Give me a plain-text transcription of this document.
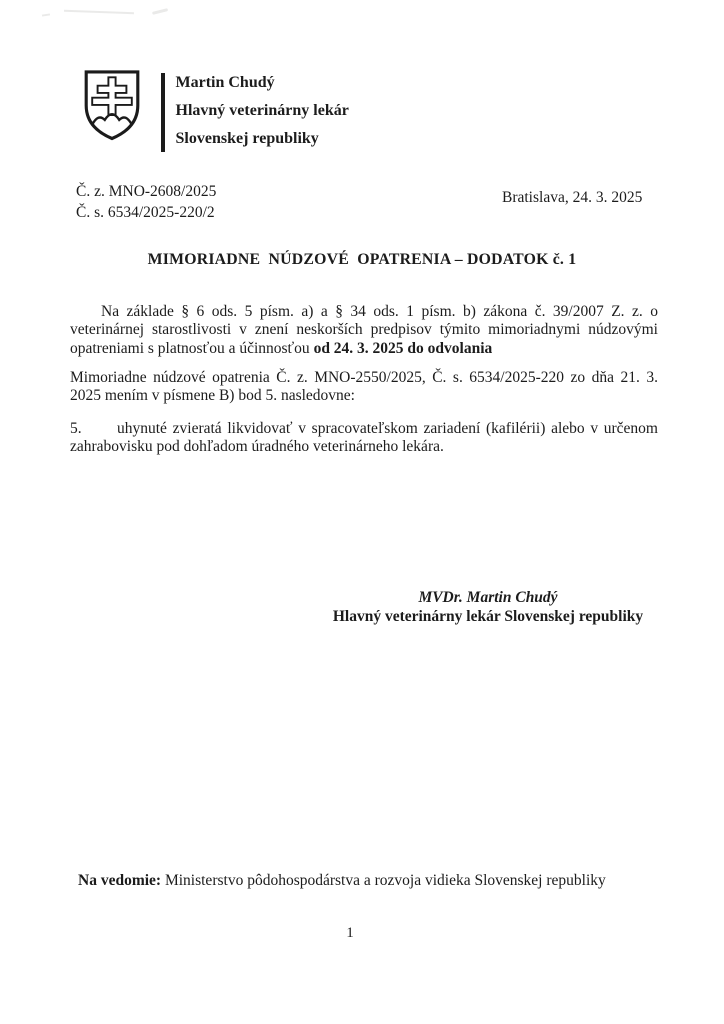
Martin Chudý
Hlavný veterinárny lekár
Slovenskej republiky
Č. z. MNO-2608/2025
Č. s. 6534/2025-220/2
Bratislava, 24. 3. 2025
MIMORIADNE  NÚDZOVÉ  OPATRENIA – DODATOK č. 1

Na základe § 6 ods. 5 písm. a) a § 34 ods. 1 písm. b) zákona č. 39/2007 Z. z. o veterinárnej starostlivosti v znení neskorších predpisov týmito mimoriadnymi núdzovými opatreniami s platnosťou a účinnosťou od 24. 3. 2025 do odvolania

Mimoriadne núdzové opatrenia Č. z. MNO-2550/2025, Č. s. 6534/2025-220 zo dňa 21. 3. 2025 mením v písmene B) bod 5. nasledovne:

5. uhynuté zvieratá likvidovať v spracovateľskom zariadení (kafilérii) alebo v určenom zahrabovisku pod dohľadom úradného veterinárneho lekára.

MVDr. Martin Chudý
Hlavný veterinárny lekár Slovenskej republiky
Na vedomie: Ministerstvo pôdohospodárstva a rozvoja vidieka Slovenskej republiky
1
